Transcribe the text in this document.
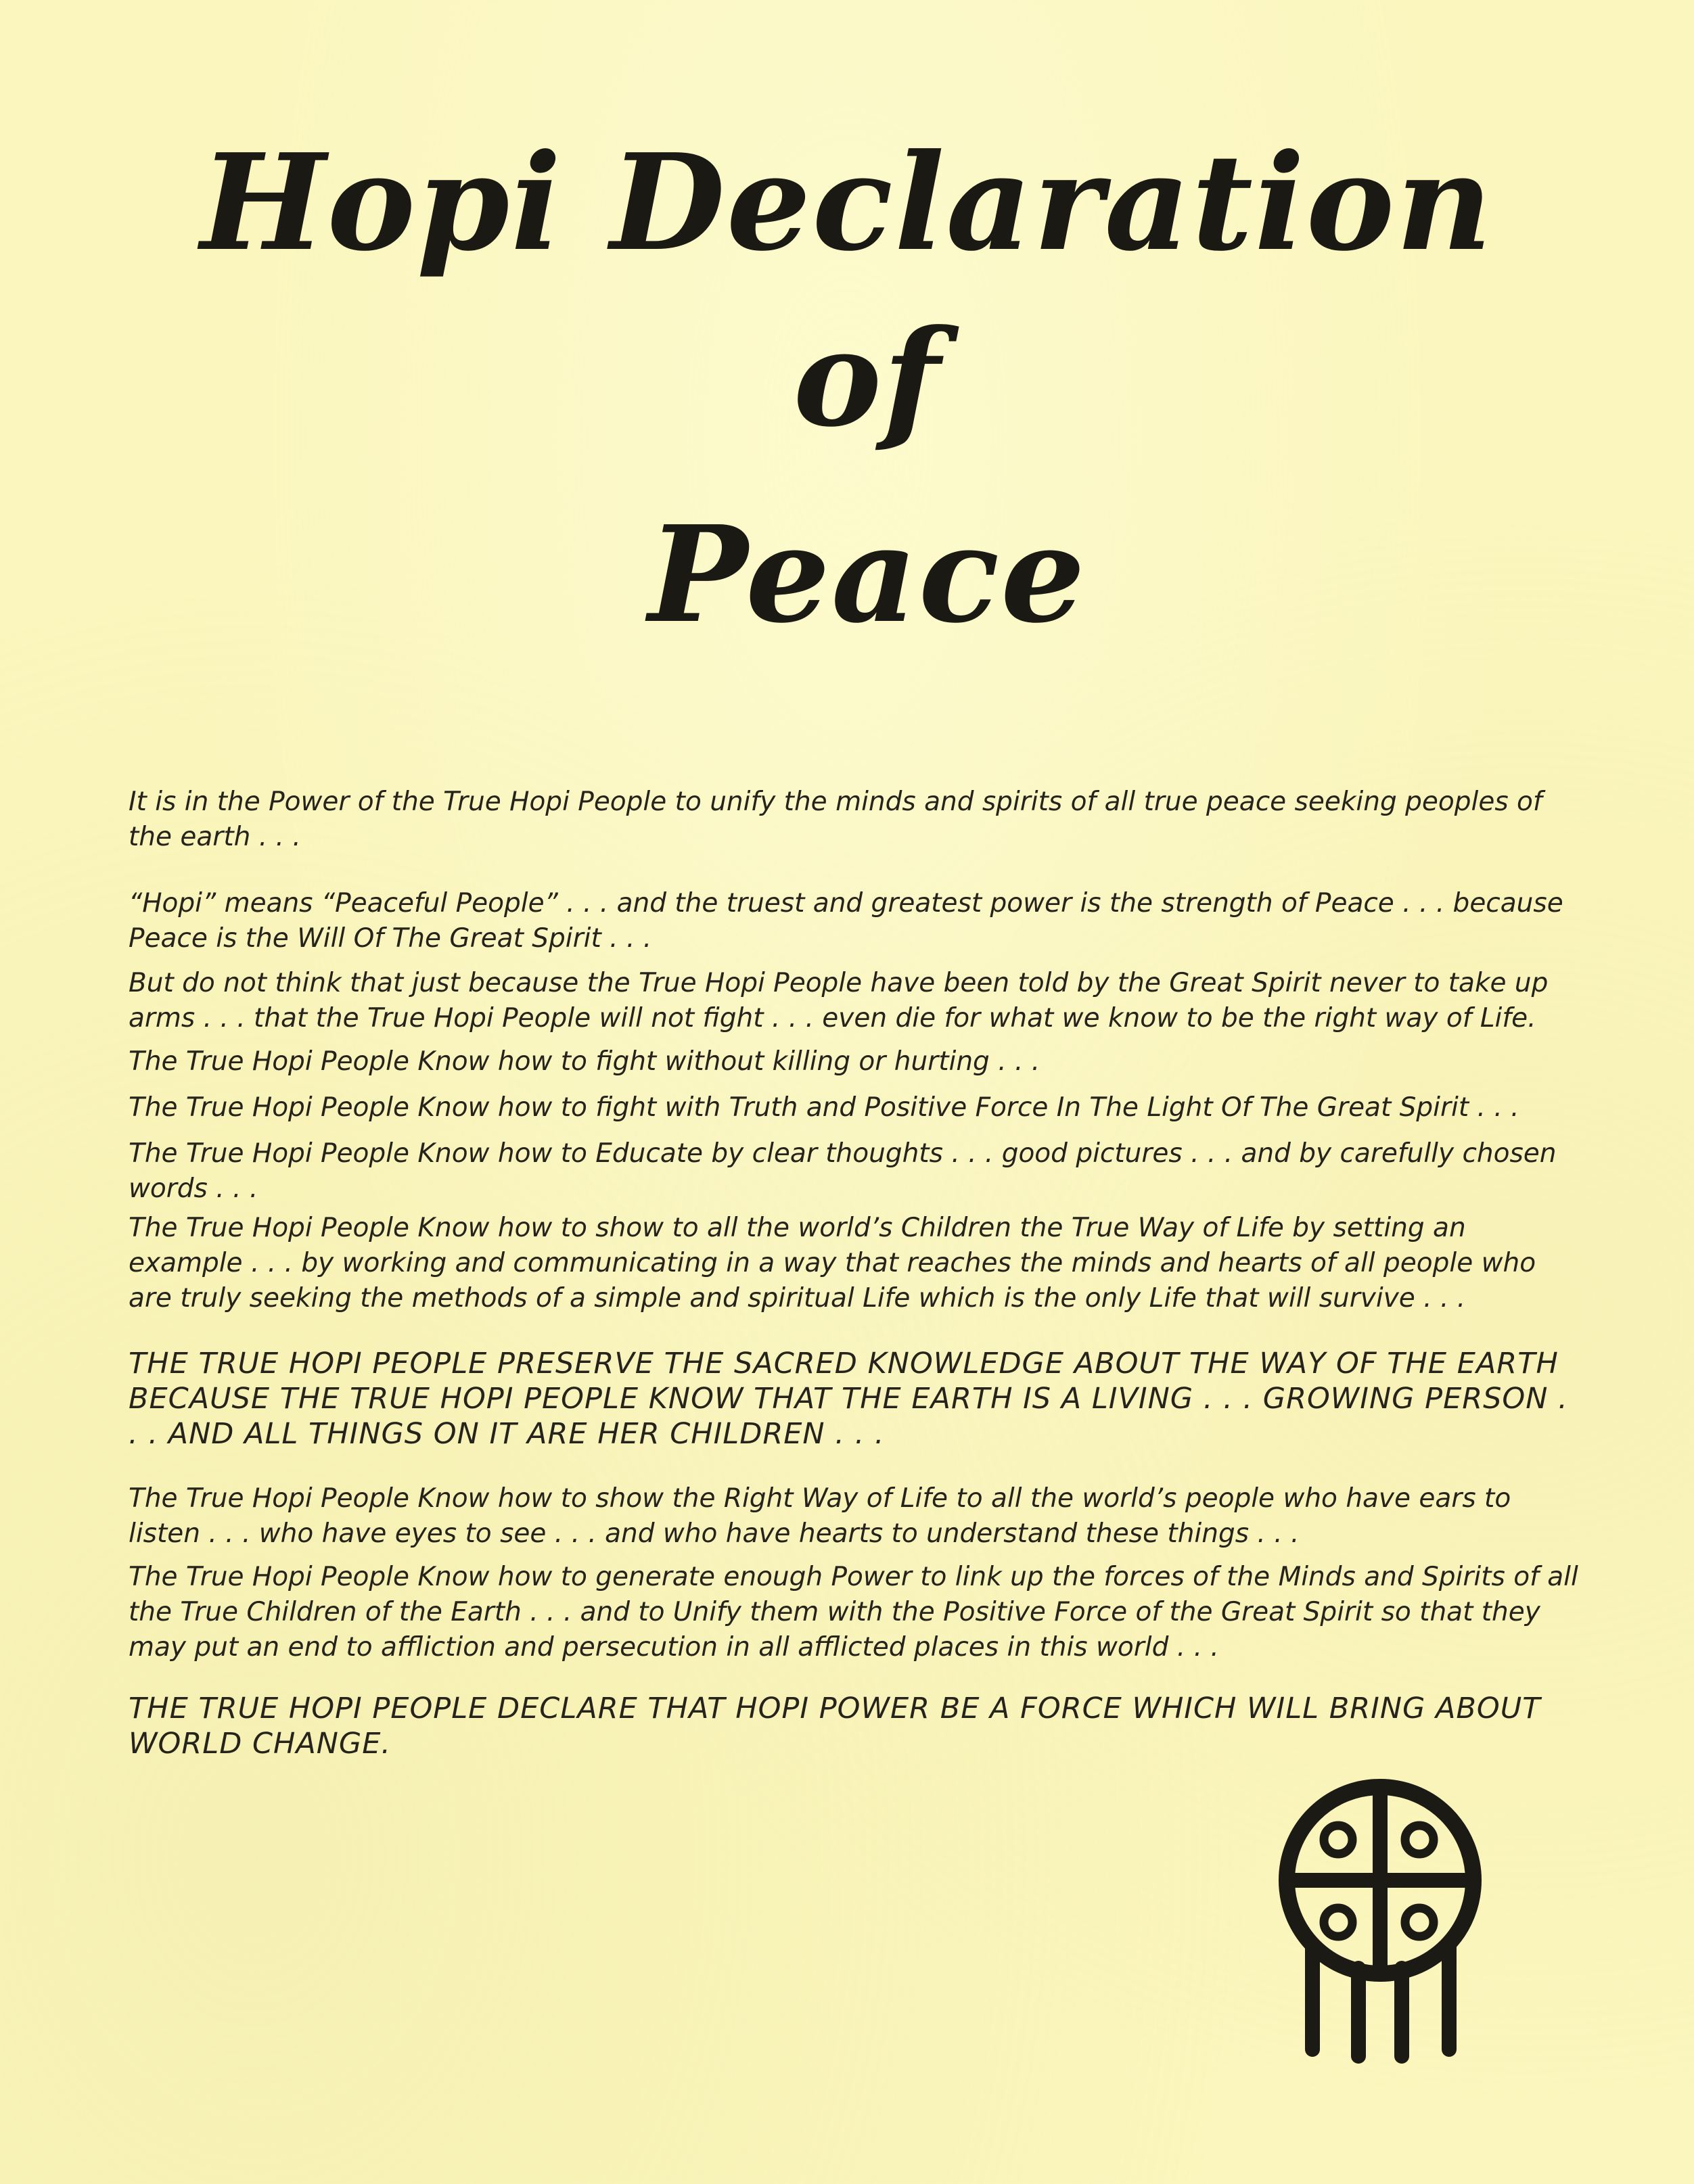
Hopi Declaration
of
Peace

It is in the Power of the True Hopi People to unify the minds and spirits of all true peace seeking peoples of the earth . . .

“Hopi” means “Peaceful People” . . . and the truest and greatest power is the strength of Peace . . . because Peace is the Will Of The Great Spirit . . .

But do not think that just because the True Hopi People have been told by the Great Spirit never to take up arms . . . that the True Hopi People will not fight . . . even die for what we know to be the right way of Life.

The True Hopi People Know how to fight without killing or hurting . . .

The True Hopi People Know how to fight with Truth and Positive Force In The Light Of The Great Spirit . . .

The True Hopi People Know how to Educate by clear thoughts . . . good pictures . . . and by carefully chosen words . . .

The True Hopi People Know how to show to all the world’s Children the True Way of Life by setting an example . . . by working and communicating in a way that reaches the minds and hearts of all people who are truly seeking the methods of a simple and spiritual Life which is the only Life that will survive . . .

THE TRUE HOPI PEOPLE PRESERVE THE SACRED KNOWLEDGE ABOUT THE WAY OF THE EARTH BECAUSE THE TRUE HOPI PEOPLE KNOW THAT THE EARTH IS A LIVING . . . GROWING PERSON . . . AND ALL THINGS ON IT ARE HER CHILDREN . . .

The True Hopi People Know how to show the Right Way of Life to all the world’s people who have ears to listen . . . who have eyes to see . . . and who have hearts to understand these things . . .

The True Hopi People Know how to generate enough Power to link up the forces of the Minds and Spirits of all the True Children of the Earth . . . and to Unify them with the Positive Force of the Great Spirit so that they may put an end to affliction and persecution in all afflicted places in this world . . .

THE TRUE HOPI PEOPLE DECLARE THAT HOPI POWER BE A FORCE WHICH WILL BRING ABOUT WORLD CHANGE.
